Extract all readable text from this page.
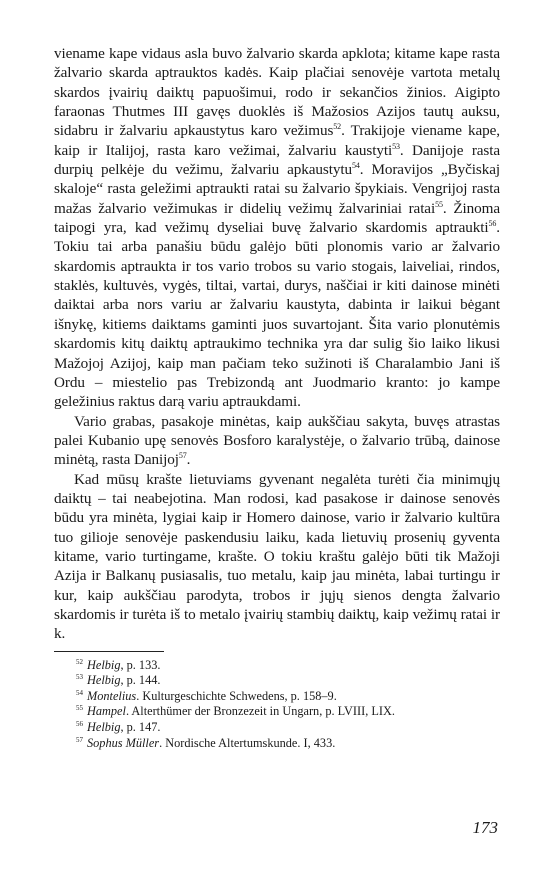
viename kape vidaus asla buvo žalvario skarda apklota; kitame kape rasta žalvario skarda aptrauktos kadės. Kaip plačiai senovėje vartota metalų skardos įvairių daiktų papuošimui, rodo ir sekančios žinios. Aigipto faraonas Thutmes III gavęs duoklės iš Mažosios Azijos tautų auksu, sidabru ir žalvariu apkaustytus karo vežimus$^{52}$. Trakijoje viename kape, kaip ir Italijoj, rasta karo vežimai, žalvariu kaustyti$^{53}$. Danijoje rasta durpių pelkėje du vežimu, žalvariu apkaustytu$^{54}$. Moravijos „Byčiskaj skaloje“ rasta geležimi aptraukti ratai su žalvario špykiais. Vengrijoj rasta mažas žalvario vežimukas ir didelių vežimų žalvariniai ratai$^{55}$. Žinoma taipogi yra, kad vežimų dyseliai buvę žalvario skardomis aptraukti$^{56}$. Tokiu tai arba panašiu būdu galėjo būti plonomis vario ar žalvario skardomis aptraukta ir tos vario trobos su vario stogais, laiveliai, rindos, staklės, kultuvės, vygės, tiltai, vartai, durys, naščiai ir kiti dainose minėti daiktai arba nors variu ar žalvariu kaustyta, dabinta ir laikui bėgant išnykę, kitiems daiktams gaminti juos suvartojant. Šita vario plonutėmis skardomis kitų daiktų aptraukimo technika yra dar sulig šio laiko likusi Mažojoj Azijoj, kaip man pačiam teko sužinoti iš Charalambio Jani iš Ordu – miestelio pas Trebizondą ant Juodmario kranto: jo kampe geležinius raktus darą variu aptraukdami.

Vario grabas, pasakoje minėtas, kaip aukščiau sakyta, buvęs atrastas palei Kubanio upę senovės Bosforo karalystėje, o žalvario trūbą, dainose minėtą, rasta Danijoj$^{57}$.

Kad mūsų krašte lietuviams gyvenant negalėta turėti čia minimųjų daiktų – tai neabejotina. Man rodosi, kad pasakose ir dainose senovės būdu yra minėta, lygiai kaip ir Homero dainose, vario ir žalvario kultūra tuo gilioje senovėje paskendusiu laiku, kada lietuvių prosenių gyventa kitame, vario turtingame, krašte. O tokiu kraštu galėjo būti tik Mažoji Azija ir Balkanų pusiasalis, tuo metalu, kaip jau minėta, labai turtingu ir kur, kaip aukščiau parodyta, trobos ir jųjų sienos dengta žalvario skardomis ir turėta iš to metalo įvairių stambių daiktų, kaip vežimų ratai ir k.

$^{52}$ Helbig, p. 133.
$^{53}$ Helbig, p. 144.
$^{54}$ Montelius. Kulturgeschichte Schwedens, p. 158–9.
$^{55}$ Hampel. Alterthümer der Bronzezeit in Ungarn, p. LVIII, LIX.
$^{56}$ Helbig, p. 147.
$^{57}$ Sophus Müller. Nordische Altertumskunde. I, 433.
173
